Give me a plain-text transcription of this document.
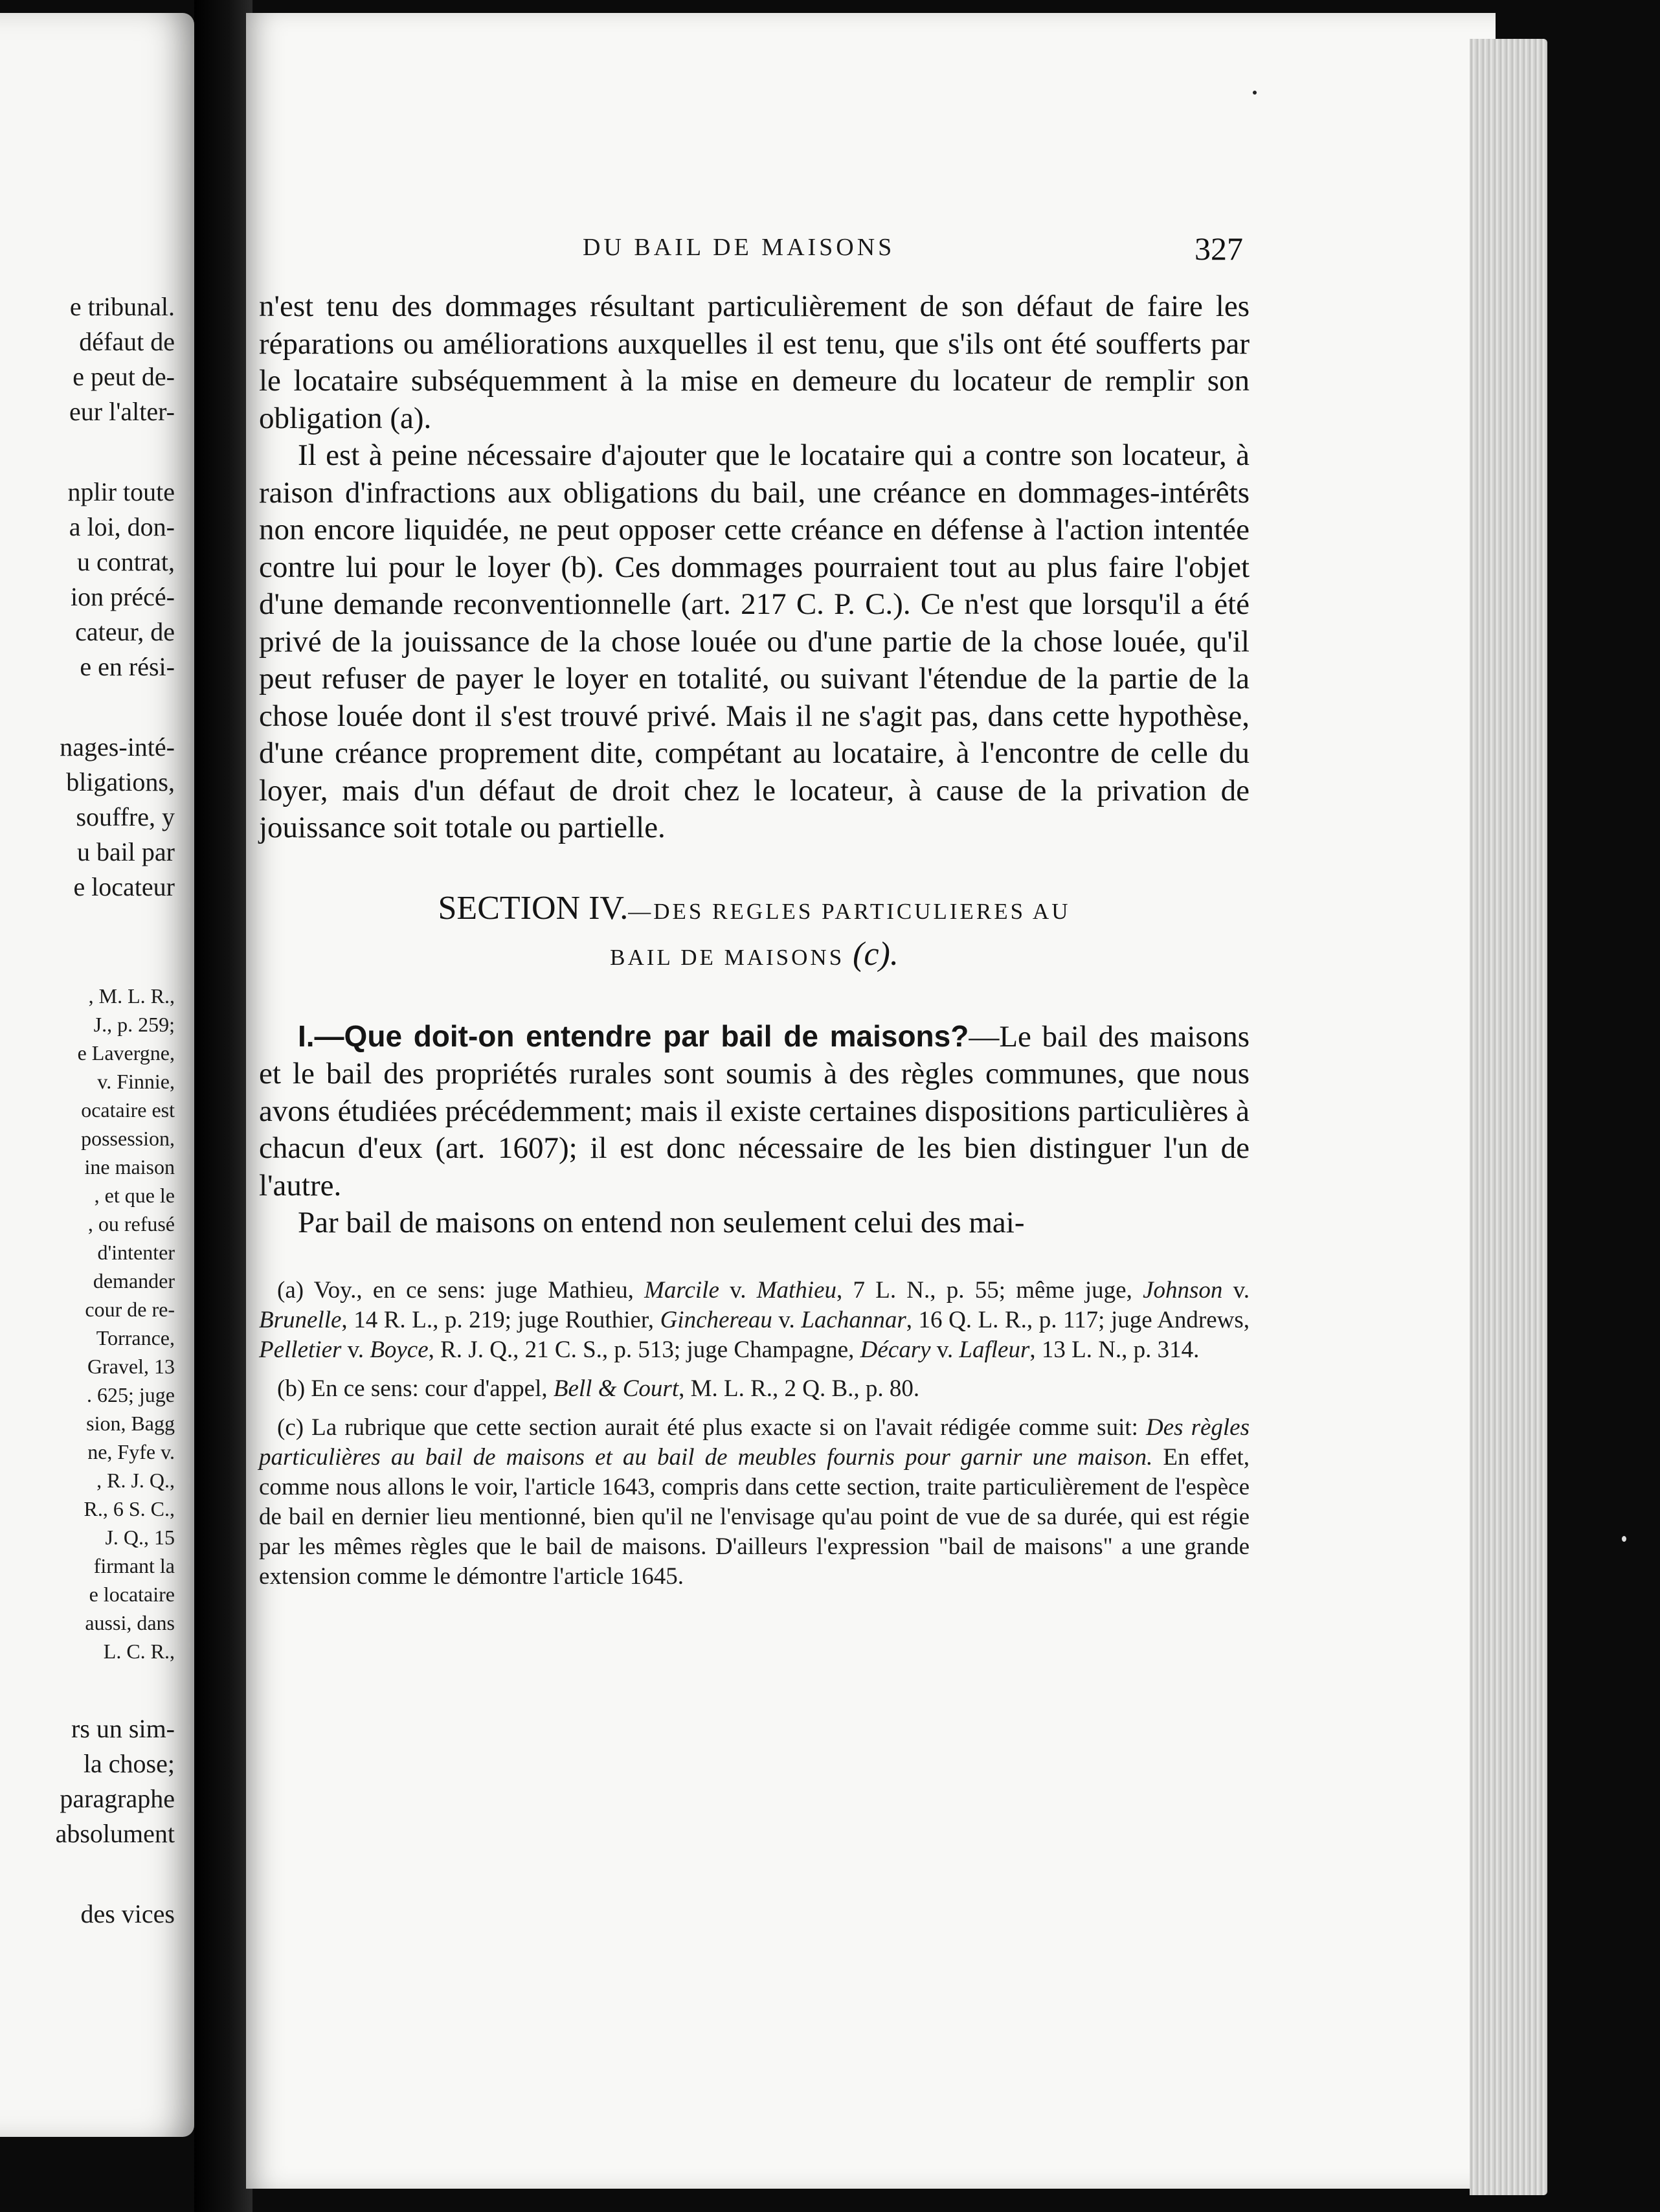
e tribunal.

défaut de

e peut de-

eur l'alter-

nplir toute

a loi, don-

u contrat,

ion précé-

cateur, de

e en rési-

nages-inté-

bligations,

souffre, y

u bail par

e locateur

, M. L. R.,

J., p. 259;

e Lavergne,

v. Finnie,

ocataire est

possession,

ine maison

, et que le

, ou refusé

d'intenter

demander

cour de re-

Torrance,

Gravel, 13

. 625; juge

sion, Bagg

ne, Fyfe v.

, R. J. Q.,

R., 6 S. C.,

J. Q., 15

firmant la

e locataire

aussi, dans

L. C. R.,

rs un sim-

la chose;

paragraphe

absolument

des vices

DU BAIL DE MAISONS	327

n'est tenu des dommages résultant particulièrement de son défaut de faire les réparations ou améliorations auxquelles il est tenu, que s'ils ont été soufferts par le locataire subséquemment à la mise en demeure du locateur de remplir son obligation (a).

Il est à peine nécessaire d'ajouter que le locataire qui a contre son locateur, à raison d'infractions aux obligations du bail, une créance en dommages-intérêts non encore liquidée, ne peut opposer cette créance en défense à l'action intentée contre lui pour le loyer (b). Ces dommages pourraient tout au plus faire l'objet d'une demande reconventionnelle (art. 217 C. P. C.). Ce n'est que lorsqu'il a été privé de la jouissance de la chose louée ou d'une partie de la chose louée, qu'il peut refuser de payer le loyer en totalité, ou suivant l'étendue de la partie de la chose louée dont il s'est trouvé privé. Mais il ne s'agit pas, dans cette hypothèse, d'une créance proprement dite, compétant au locataire, à l'encontre de celle du loyer, mais d'un défaut de droit chez le locateur, à cause de la privation de jouissance soit totale ou partielle.

SECTION IV.—DES REGLES PARTICULIERES AU
BAIL DE MAISONS (c).

I.—Que doit-on entendre par bail de maisons?—Le bail des maisons et le bail des propriétés rurales sont soumis à des règles communes, que nous avons étudiées précédemment; mais il existe certaines dispositions particulières à chacun d'eux (art. 1607); il est donc nécessaire de les bien distinguer l'un de l'autre.

Par bail de maisons on entend non seulement celui des mai-

(a) Voy., en ce sens: juge Mathieu, Marcile v. Mathieu, 7 L. N., p. 55; même juge, Johnson v. Brunelle, 14 R. L., p. 219; juge Routhier, Ginchereau v. Lachannar, 16 Q. L. R., p. 117; juge Andrews, Pelletier v. Boyce, R. J. Q., 21 C. S., p. 513; juge Champagne, Décary v. Lafleur, 13 L. N., p. 314.

(b) En ce sens: cour d'appel, Bell & Court, M. L. R., 2 Q. B., p. 80.

(c) La rubrique que cette section aurait été plus exacte si on l'avait rédigée comme suit: Des règles particulières au bail de maisons et au bail de meubles fournis pour garnir une maison. En effet, comme nous allons le voir, l'article 1643, compris dans cette section, traite particulièrement de l'espèce de bail en dernier lieu mentionné, bien qu'il ne l'envisage qu'au point de vue de sa durée, qui est régie par les mêmes règles que le bail de maisons. D'ailleurs l'expression "bail de maisons" a une grande extension comme le démontre l'article 1645.
